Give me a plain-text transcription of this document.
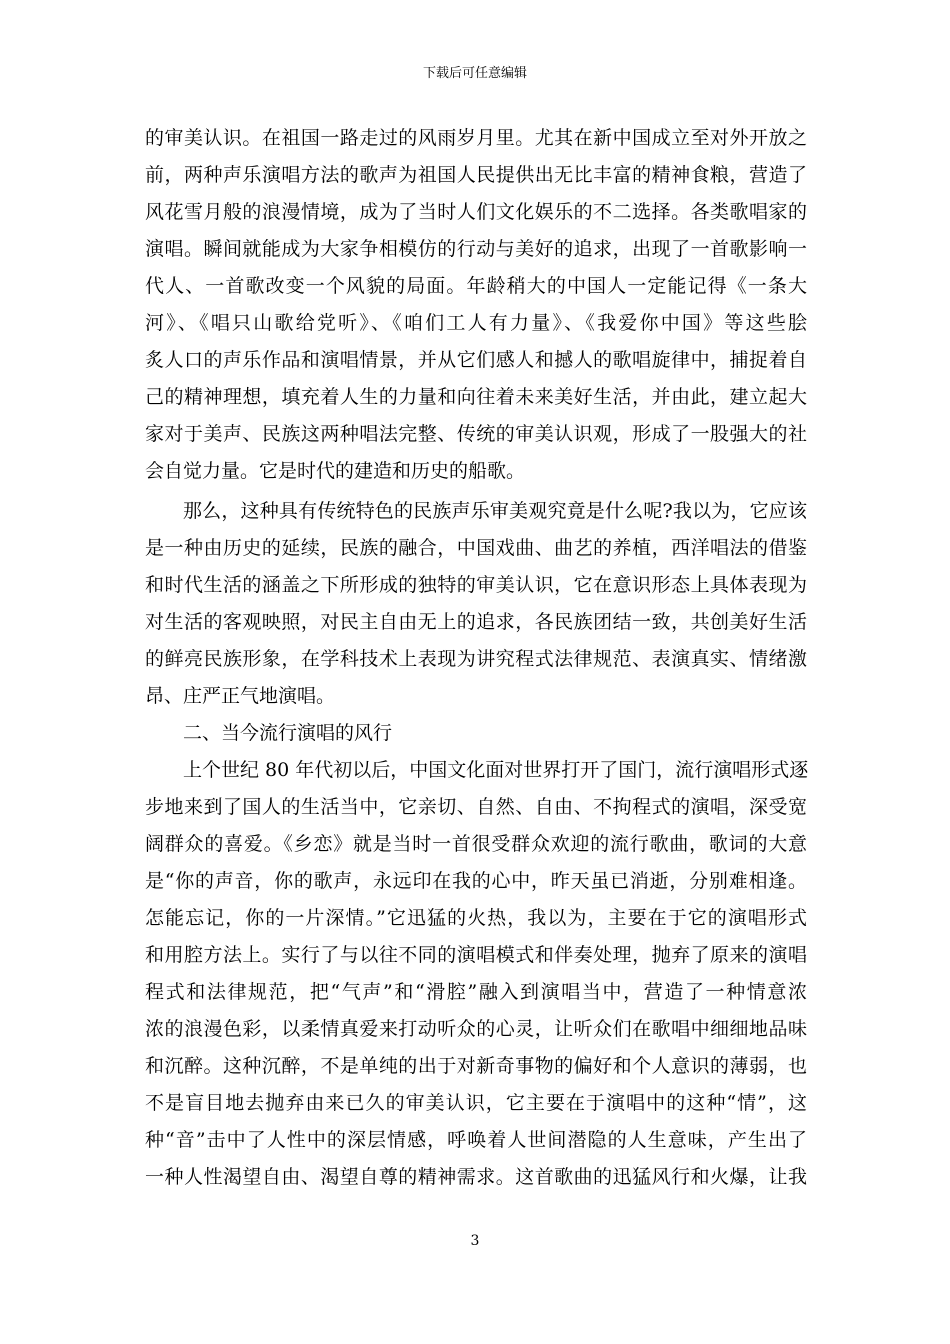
下载后可任意编辑
的审美认识。在祖国一路走过的风雨岁月里。尤其在新中国成立至对外开放之
前，两种声乐演唱方法的歌声为祖国人民提供出无比丰富的精神食粮，营造了
风花雪月般的浪漫情境，成为了当时人们文化娱乐的不二选择。各类歌唱家的
演唱。瞬间就能成为大家争相模仿的行动与美好的追求，出现了一首歌影响一
代人、一首歌改变一个风貌的局面。年龄稍大的中国人一定能记得《一条大
河》、《唱只山歌给党听》、《咱们工人有力量》、《我爱你中国》等这些脍
炙人口的声乐作品和演唱情景，并从它们感人和撼人的歌唱旋律中，捕捉着自
己的精神理想，填充着人生的力量和向往着未来美好生活，并由此，建立起大
家对于美声、民族这两种唱法完整、传统的审美认识观，形成了一股强大的社
会自觉力量。它是时代的建造和历史的船歌。
那么，这种具有传统特色的民族声乐审美观究竟是什么呢?我以为，它应该
是一种由历史的延续，民族的融合，中国戏曲、曲艺的养植，西洋唱法的借鉴
和时代生活的涵盖之下所形成的独特的审美认识，它在意识形态上具体表现为
对生活的客观映照，对民主自由无上的追求，各民族团结一致，共创美好生活
的鲜亮民族形象，在学科技术上表现为讲究程式法律规范、表演真实、情绪激
昂、庄严正气地演唱。
二、当今流行演唱的风行
上个世纪 80 年代初以后，中国文化面对世界打开了国门，流行演唱形式逐
步地来到了国人的生活当中，它亲切、自然、自由、不拘程式的演唱，深受宽
阔群众的喜爱。《乡恋》就是当时一首很受群众欢迎的流行歌曲，歌词的大意
是“你的声音，你的歌声，永远印在我的心中，昨天虽已消逝，分别难相逢。
怎能忘记，你的一片深情。”它迅猛的火热，我以为，主要在于它的演唱形式
和用腔方法上。实行了与以往不同的演唱模式和伴奏处理，抛弃了原来的演唱
程式和法律规范，把“气声”和“滑腔”融入到演唱当中，营造了一种情意浓
浓的浪漫色彩，以柔情真爱来打动听众的心灵，让听众们在歌唱中细细地品味
和沉醉。这种沉醉，不是单纯的出于对新奇事物的偏好和个人意识的薄弱，也
不是盲目地去抛弃由来已久的审美认识，它主要在于演唱中的这种“情”，这
种“音”击中了人性中的深层情感，呼唤着人世间潜隐的人生意味，产生出了
一种人性渴望自由、渴望自尊的精神需求。这首歌曲的迅猛风行和火爆，让我
3
